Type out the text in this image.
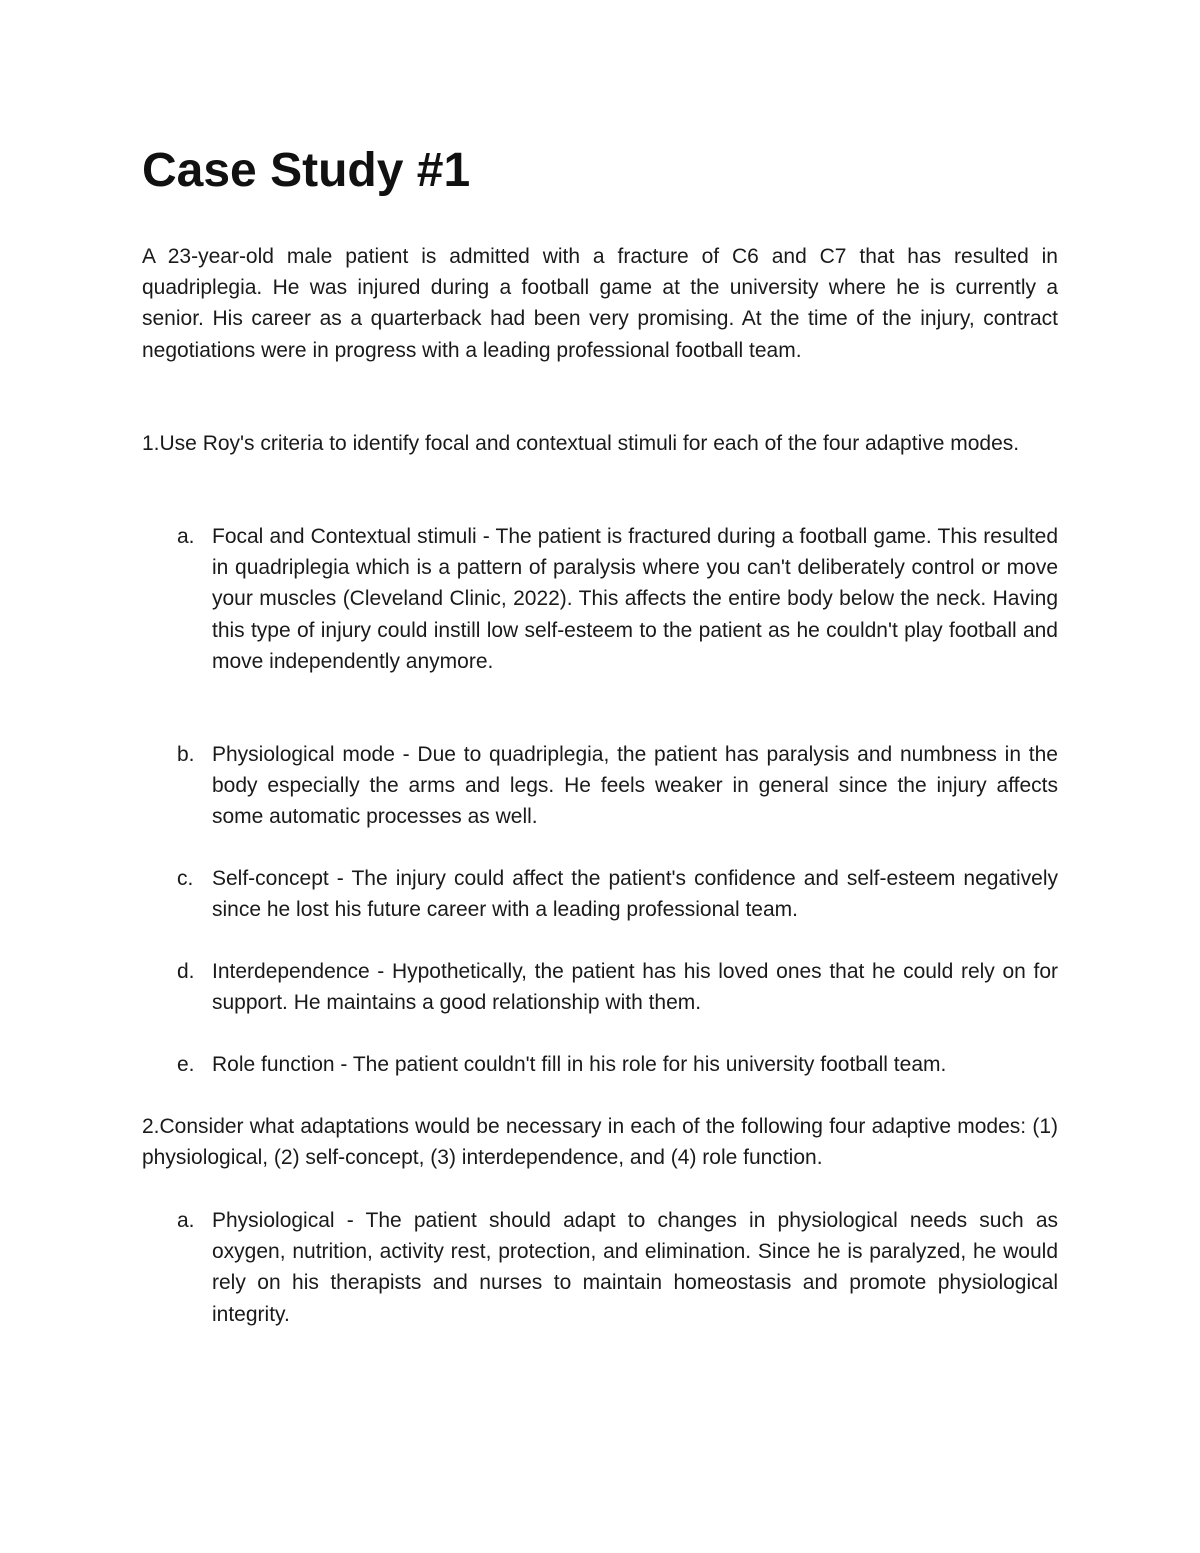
Case Study #1

A 23-year-old male patient is admitted with a fracture of C6 and C7 that has resulted in quadriplegia. He was injured during a football game at the university where he is currently a senior. His career as a quarterback had been very promising. At the time of the injury, contract negotiations were in progress with a leading professional football team.

1.Use Roy's criteria to identify focal and contextual stimuli for each of the four adaptive modes.

a. Focal and Contextual stimuli - The patient is fractured during a football game. This resulted in quadriplegia which is a pattern of paralysis where you can't deliberately control or move your muscles (Cleveland Clinic, 2022). This affects the entire body below the neck. Having this type of injury could instill low self-esteem to the patient as he couldn't play football and move independently anymore.
b. Physiological mode - Due to quadriplegia, the patient has paralysis and numbness in the body especially the arms and legs. He feels weaker in general since the injury affects some automatic processes as well.
c. Self-concept - The injury could affect the patient's confidence and self-esteem negatively since he lost his future career with a leading professional team.
d. Interdependence - Hypothetically, the patient has his loved ones that he could rely on for support. He maintains a good relationship with them.
e. Role function - The patient couldn't fill in his role for his university football team.

2.Consider what adaptations would be necessary in each of the following four adaptive modes: (1) physiological, (2) self-concept, (3) interdependence, and (4) role function.

a. Physiological - The patient should adapt to changes in physiological needs such as oxygen, nutrition, activity rest, protection, and elimination. Since he is paralyzed, he would rely on his therapists and nurses to maintain homeostasis and promote physiological integrity.
